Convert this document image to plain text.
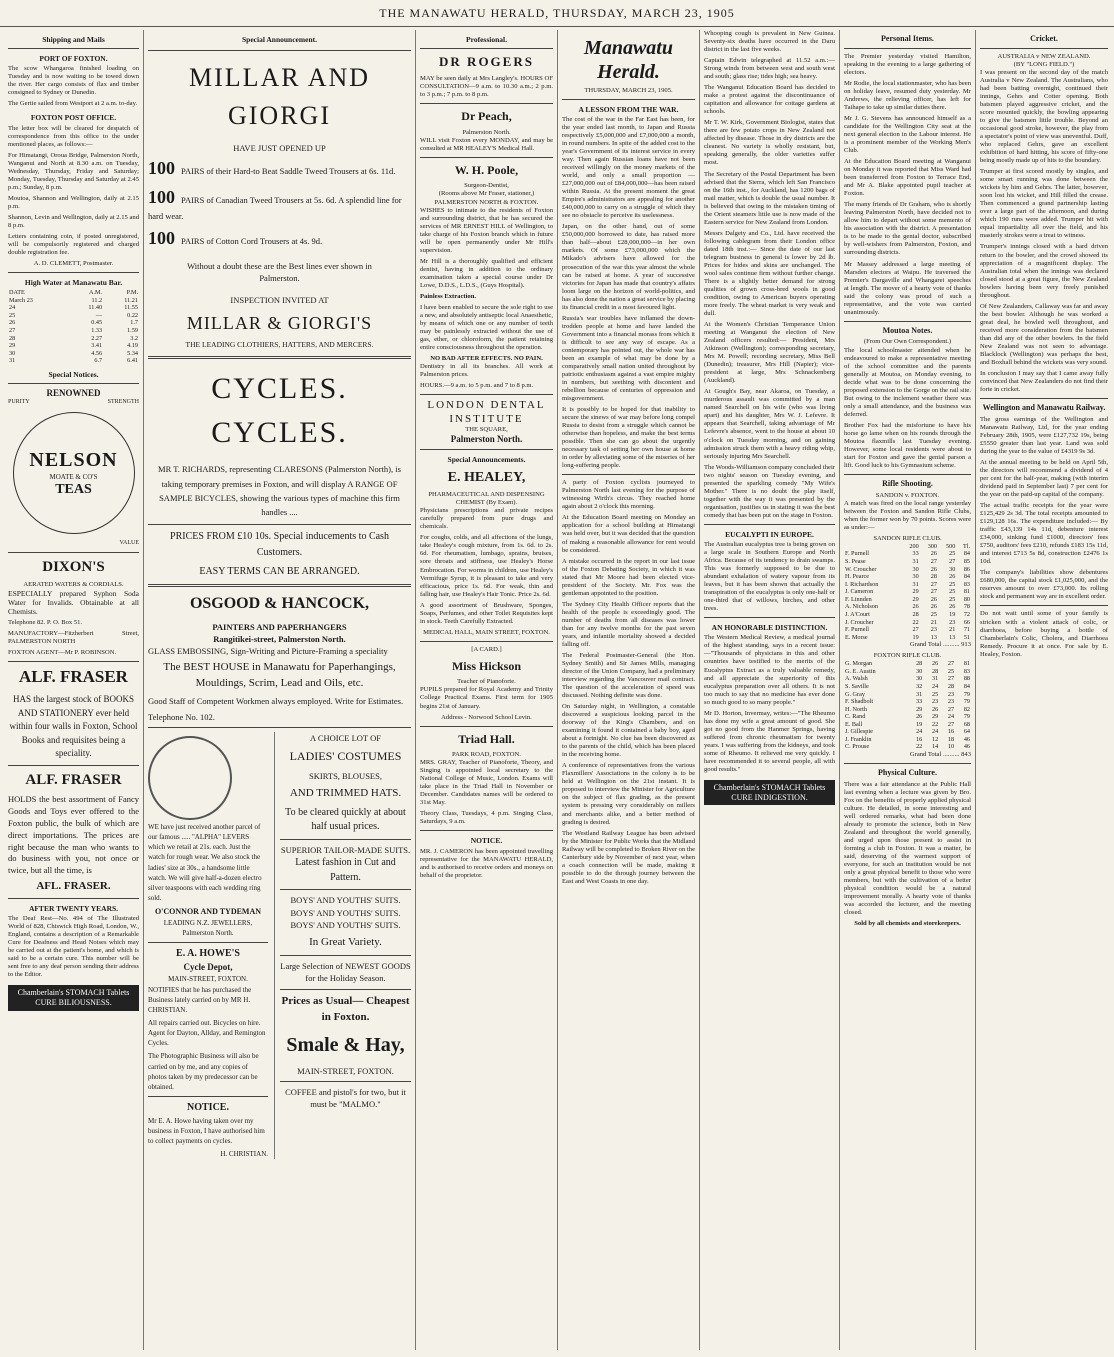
THE MANAWATU HERALD, THURSDAY, MARCH 23, 1905
Shipping and Mails
PORT OF FOXTON.

The scow Whangaroa finished loading on Tuesday and is now waiting to be towed down the river. Her cargo consists of flax and timber consigned to Sydney or Dunedin.

The Gertie sailed from Westport at 2 a.m. to-day.

FOXTON POST OFFICE.

The letter box will be cleared for despatch of correspondence from this office to the under mentioned places, as follows:—

For Himatangi, Oroua Bridge, Palmerston North, Wanganui and North at 8.30 a.m. on Tuesday, Wednesday, Thursday, Friday and Saturday; Monday, Tuesday, Thursday and Saturday at 2.45 p.m.; Sunday, 8 p.m.

Moutoa, Shannon and Wellington, daily at 2.15 p.m.

Shannon, Levin and Wellington, daily at 2.15 and 8 p.m.

Letters containing coin, if posted unregistered, will be compulsorily registered and charged double registration fee.

A. D. CLEMETT, Postmaster.

High Water at Manawatu Bar.
DATE	A.M.	P.M.
March 23	11.2	11.21
24	11.40	11.55
25	—	0.22
26	0.45	1.7
27	1.33	1.59
28	2.27	3.2
29	3.41	4.19
30	4.56	5.34
31	6.7	6.41
Special Notices.
RENOWNED
PURITY	STRENGTH
NELSON
MOATE & CO'S
TEAS
VALUE
DIXON'S
AERATED WATERS & CORDIALS.

ESPECIALLY prepared Syphon Soda Water for Invalids. Obtainable at all Chemists.

Telephone 82. P. O. Box 51.

MANUFACTORY—Fitzherbert Street, PALMERSTON NORTH

FOXTON AGENT—Mr P. ROBINSON.

ALF. FRASER

HAS the largest stock of BOOKS AND STATIONERY ever held within four walls in Foxton, School Books and requisites being a speciality.

ALF. FRASER

HOLDS the best assortment of Fancy Goods and Toys ever offered to the Foxton public, the bulk of which are direct importations. The prices are right because the man who wants to do business with you, not once or twice, but all the time, is

AFL. FRASER.
AFTER TWENTY YEARS.

The Deaf Rest—No. 494 of The Illustrated World of 828, Chiswick High Road, London, W., England, contains a description of a Remarkable Cure for Deafness and Head Noises which may be carried out at the patient's home, and which is said to be a certain cure. This number will be sent free to any deaf person sending their address to the Editor.

Chamberlain's STOMACH Tablets CURE BILIOUSNESS.
Special Announcement.
MILLAR AND GIORGI
HAVE JUST OPENED UP

100 PAIRS of their Hard-to Beat Saddle Tweed Trousers at 6s. 11d.

100 PAIRS of Canadian Tweed Trousers at 5s. 6d. A splendid line for hard wear.

100 PAIRS of Cotton Cord Trousers at 4s. 9d.

Without a doubt these are the Best lines ever shown in Palmerston.

INSPECTION INVITED AT
MILLAR & GIORGI'S
THE LEADING CLOTHIERS, HATTERS, AND MERCERS.
CYCLES. CYCLES.

MR T. RICHARDS, representing CLARESONS (Palmerston North), is taking temporary premises in Foxton, and will display A RANGE OF SAMPLE BICYCLES, showing the various types of machine this firm handles ....

PRICES FROM £10 10s. Special inducements to Cash Customers.

EASY TERMS CAN BE ARRANGED.
OSGOOD & HANCOCK,
PAINTERS AND PAPERHANGERS
Rangitikei-street, Palmerston North.

GLASS EMBOSSING, Sign-Writing and Picture-Framing a speciality

The BEST HOUSE in Manawatu for Paperhangings, Mouldings, Scrim, Lead and Oils, etc.

Good Staff of Competent Workmen always employed. Write for Estimates.

Telephone No. 102.

WE have just received another parcel of our famous ..... "ALPHA" LEVERS which we retail at 21s. each. Just the watch for rough wear. We also stock the ladies' size at 30s., a handsome little watch. We will give half-a-dozen electro silver teaspoons with each wedding ring sold.

O'CONNOR AND TYDEMAN
LEADING N.Z. JEWELLERS, Palmerston North.
E. A. HOWE'S
Cycle Depot,
MAIN-STREET, FOXTON.

NOTIFIES that he has purchased the Business lately carried on by MR H. CHRISTIAN.

All repairs carried out. Bicycles on hire. Agent for Dayton, Allday, and Remington Cycles.

The Photographic Business will also be carried on by me, and any copies of photos taken by my predecessor can be obtained.

NOTICE.

Mr E. A. Howe having taken over my business in Foxton, I have authorised him to collect payments on cycles.

H. CHRISTIAN.
A CHOICE LOT OF
LADIES' COSTUMES
SKIRTS, BLOUSES,
AND TRIMMED HATS.

To be cleared quickly at about half usual prices.

SUPERIOR TAILOR-MADE SUITS.

Latest fashion in Cut and Pattern.

BOYS' AND YOUTHS' SUITS.
BOYS' AND YOUTHS' SUITS.
BOYS' AND YOUTHS' SUITS.
In Great Variety.

Large Selection of NEWEST GOODS for the Holiday Season.

Prices as Usual— Cheapest in Foxton.
Smale & Hay,
MAIN-STREET, FOXTON.

COFFEE and pistol's for two, but it must be "MALMO."

Professional.
DR ROGERS

MAY be seen daily at Mrs Langley's. HOURS OF CONSULTATION—9 a.m. to 10.30 a.m.; 2 p.m. to 3 p.m.; 7 p.m. to 8 p.m.

Dr Peach,
Palmerston North.

WILL visit Foxton every MONDAY, and may be consulted at MR HEALEY'S Medical Hall.

W. H. Poole,
Surgeon-Dentist,
(Rooms above Mr Fraser, stationer,) PALMERSTON NORTH & FOXTON.

WISHES to intimate to the residents of Foxton and surrounding district, that he has secured the services of MR ERNEST HILL of Wellington, to take charge of his Foxton branch which in future will be open permanently under Mr Hill's supervision.

Mr Hill is a thoroughly qualified and efficient dentist, having in addition to the ordinary examination taken a special course under Dr Lowe, D.D.S., L.D.S., (Guys Hospital).

Painless Extraction.

I have been enabled to secure the sole right to use a new, and absolutely antiseptic local Anaesthetic, by means of which one or any number of teeth may be painlessly extracted without the use of gas, ether, or chloroform, the patient retaining entire consciousness throughout the operation.

NO BAD AFTER EFFECTS. NO PAIN.

Dentistry in all its branches. All work at Palmerston prices.

HOURS.—9 a.m. to 5 p.m. and 7 to 8 p.m.

LONDON DENTAL INSTITUTE
THE SQUARE,
Palmerston North.
Special Announcements.
E. HEALEY,
PHARMACEUTICAL AND DISPENSING CHEMIST (By Exam).

Physicians prescriptions and private recipes carefully prepared from pure drugs and chemicals.

For coughs, colds, and all affections of the lungs, take Healey's cough mixture, from 1s. 6d. to 2s. 6d. For rheumatism, lumbago, sprains, bruises, sore throats and stiffness, use Healey's Horse Embrocation. For worms in children, use Healey's Vermifuge Syrup, it is pleasant to take and very efficacious, price 1s. 6d. For weak, thin and falling hair, use Healey's Hair Tonic. Price 2s. 6d.

A good assortment of Brushware, Sponges, Soaps, Perfumes, and other Toilet Requisites kept in stock. Teeth Carefully Extracted.

MEDICAL HALL, MAIN STREET, FOXTON.
[A CARD.]
Miss Hickson
Teacher of Pianoforte.

PUPILS prepared for Royal Academy and Trinity College Practical Exams. First term for 1905 begins 21st of January.

Address - Norwood School Levin.
Triad Hall.
PARK ROAD, FOXTON.

MRS. GRAY, Teacher of Pianoforte, Theory, and Singing is appointed local secretary to the National College of Music, London. Exams will take place in the Triad Hall in November or December. Candidates names will be ordered to 31st May.

Theory Class, Tuesdays, 4 p.m. Singing Class, Saturdays, 9 a.m.

NOTICE.

MR. J. CAMERON has been appointed travelling representative for the MANAWATU HERALD, and is authorised to receive orders and moneys on behalf of the proprietor.

Manawatu Herald.
THURSDAY, MARCH 23, 1905.
A LESSON FROM THE WAR.

The cost of the war in the Far East has been, for the year ended last month, to Japan and Russia respectively £5,000,000 and £7,000,000 a month, in round numbers. In spite of the added cost to the year's Government of its interest service in every way. Then again Russian loans have not been received willingly on the money markets of the world, and only a small proportion — £27,000,000 out of £84,000,000—has been raised within Russia. At the present moment the great Empire's administrators are appealing for another £40,000,000 to carry on a struggle of which they see no obstacle to perceive its uselessness.

Japan, on the other hand, out of some £50,000,000 borrowed to date, has raised more than half—about £28,000,000—in her own markets. Of some £73,000,000 which the Mikado's advisers have allowed for the prosecution of the war this year almost the whole can be raised at home. A year of successive victories for Japan has made that country's affairs loom large on the horizon of world-politics, and has also done the nation a great service by placing its financial credit in a most favoured light.

Russia's war troubles have inflamed the down-trodden people at home and have landed the Government into a financial morass from which it is difficult to see any way of escape. As a contemporary has pointed out, the whole war has been an example of what may be done by a comparatively small nation united throughout by patriotic enthusiasm against a vast empire mighty in numbers, but seething with discontent and rebellion because of centuries of oppression and misgovernment.

It is possibly to be hoped for that inability to secure the sinews of war may before long compel Russia to desist from a struggle which cannot be otherwise than hopeless, and make the best terms possible. Then she can go about the urgently necessary task of setting her own house at home in order by alleviating some of the miseries of her long-suffering people.

A party of Foxton cyclists journeyed to Palmerston North last evening for the purpose of witnessing Wirth's circus. They reached home again about 2 o'clock this morning.

At the Education Board meeting on Monday an application for a school building at Himatangi was held over, but it was decided that the question of making a reasonable allowance for rent would be considered.

A mistake occurred in the report in our last issue of the Foxton Debating Society, in which it was stated that Mr Moore had been elected vice-president of the Society. Mr. Fox was the gentleman appointed to the position.

The Sydney City Health Officer reports that the health of the people is exceedingly good. The number of deaths from all diseases was lower than for any twelve months for the past seven years, and infantile mortality showed a decided falling off.

The Federal Postmaster-General (the Hon. Sydney Smith) and Sir James Mills, managing director of the Union Company, had a preliminary interview regarding the Vancouver mail contract. The question of the acceleration of speed was discussed. Nothing definite was done.

On Saturday night, in Wellington, a constable discovered a suspicious looking parcel in the doorway of the King's Chambers, and on examining it found it contained a baby boy, aged about a fortnight. No clue has been discovered as to the parents of the child, which has been placed in the receiving home.

A conference of representatives from the various Flaxmillers' Associations in the colony is to be held at Wellington on the 21st instant. It is proposed to interview the Minister for Agriculture on the subject of flax grading, as the present system is pressing very considerably on millers and merchants alike, and a better method of grading is desired.

The Westland Railway League has been advised by the Minister for Public Works that the Midland Railway will be completed to Broken River on the Canterbury side by November of next year, when a coach connection will be made, making it possible to do the through journey between the East and West Coasts in one day.

Whooping cough is prevalent in New Guinea. Seventy-six deaths have occurred in the Daru district in the last five weeks.

Captain Edwin telegraphed at 11.52 a.m.:—Strong winds from between west and south west and south; glass rise; tides high; sea heavy.

The Wanganui Education Board has decided to make a protest against the discontinuance of capitation and allowance for cottage gardens at schools.

Mr T. W. Kirk, Government Biologist, states that there are few potato crops in New Zealand not affected by disease. Those in dry districts are the cleanest. No variety is wholly resistant, but, speaking generally, the older varieties suffer most.

The Secretary of the Postal Department has been advised that the Sierra, which left San Francisco on the 16th inst., for Auckland, has 1200 bags of mail matter, which is double the usual number. It is believed that owing to the mistaken timing of the Orient steamers little use is now made of the Eastern service for New Zealand from London.

Messrs Dalgety and Co., Ltd. have received the following cablegram from their London office dated 18th inst.:— Since the date of our last telegram business in general is lower by 2d lb. Prices for hides and skins are unchanged. The wool sales continue firm without further change. There is a slightly better demand for strong qualities of grown cross-bred wools in good condition, owing to American buyers operating more freely. The wheat market is very weak and dull.

At the Women's Christian Temperance Union meeting at Wanganui the election of New Zealand officers resulted:— President, Mrs Atkinson (Wellington); corresponding secretary, Mrs M. Powell; recording secretary, Miss Bell (Dunedin); treasurer, Mrs Hill (Napier); vice-president at large, Mrs Schnackenberg (Auckland).

At Gough's Bay, near Akaroa, on Tuesday, a murderous assault was committed by a man named Searchell on his wife (who was living apart) and his daughter, Mrs W. J. Lefevre. It appears that Searchell, taking advantage of Mr Lefevre's absence, went to the house at about 10 o'clock on Tuesday morning, and on gaining admission struck them with a heavy riding whip, seriously injuring Mrs Searchell.

The Woods-Williamson company concluded their two nights' season on Tuesday evening, and presented the sparkling comedy "My Wife's Mother." There is no doubt the play itself, together with the way it was presented by the organisation, justifies us in stating it was the best comedy that has been put on the stage in Foxton.

EUCALYPTI IN EUROPE.

The Australian eucalyptus tree is being grown on a large scale in Southern Europe and North Africa. Because of its tendency to drain swamps. This was formerly supposed to be due to abundant exhalation of watery vapour from its leaves, but it has been shown that actually the transpiration of the eucalyptus is only one-half or one-third that of willows, birches, and other trees.

AN HONORABLE DISTINCTION.

The Western Medical Review, a medical journal of the highest standing, says in a recent issue:—"Thousands of physicians in this and other countries have testified to the merits of the Eucalyptus Extract as a truly valuable remedy, and all appreciate the superiority of this eucalyptus preparation over all others. It is not too much to say that no medicine has ever done so much good to so many people."

Mr D. Horton, Invermay, writes:—"The Rheumo has done my wife a great amount of good. She got no good from the Hanmer Springs, having suffered from chronic rheumatism for twenty years. I was suffering from the kidneys, and took some of Rheumo. It relieved me very quickly. I have recommended it to several people, all with good results."

Chamberlain's STOMACH Tablets CURE INDIGESTION.
Personal Items.

The Premier yesterday visited Hamilton, speaking in the evening to a large gathering of electors.

Mr Rodie, the local stationmaster, who has been on holiday leave, resumed duty yesterday. Mr Andrews, the relieving officer, has left for Taihape to take up similar duties there.

Mr J. G. Stevens has announced himself as a candidate for the Wellington City seat at the next general election in the Labour interest. He is a prominent member of the Working Men's Club.

At the Education Board meeting at Wanganui on Monday it was reported that Miss Ward had been transferred from Foxton to Terrace End, and Mr A. Blake appointed pupil teacher at Foxton.

The many friends of Dr Graham, who is shortly leaving Palmerston North, have decided not to allow him to depart without some memento of his association with the district. A presentation is to be made to the genial doctor, subscribed by well-wishers from Palmerston, Foxton, and surrounding districts.

Mr Massey addressed a large meeting of Marsden electors at Waipu. He traversed the Premier's Dargaville and Whangarei speeches at length. The mover of a hearty vote of thanks said the colony was proud of such a representative, and the vote was carried unanimously.

Moutoa Notes.
(From Our Own Correspondent.)

The local schoolmaster attended when he endeavoured to make a representative meeting of the school committee and the parents generally at Moutoa, on Monday evening, to decide what was to be done concerning the proposed extension to the Gorge on the rail site. But owing to the inclement weather there was only a small attendance, and the business was deferred.

Brother Fox had the misfortune to have his horse go lame when on his rounds through the Moutoa flaxmills last Tuesday evening. However, some local residents were about to start for Foxton and gave the genial parson a lift. Good luck to his Gymnasium scheme.

Rifle Shooting.
SANDON v. FOXTON.

A match was fired on the local range yesterday between the Foxton and Sandon Rifle Clubs, when the former won by 70 points. Scores were as under:—

SANDON RIFLE CLUB.
	200	300	500	Tl.
F. Purnell	33	26	25	84
S. Pease	31	27	27	85
W. Croucher	30	26	30	86
H. Pearce	30	28	26	84
I. Richardson	31	27	25	83
J. Cameron	29	27	25	81
F. Linnden	29	26	25	80
A. Nicholson	26	26	26	78
J. A'Court	28	25	19	72
J. Croucher	22	21	23	66
F. Purnell	27	23	21	71
E. Morse	19	13	13	51

Grand Total .......... 913

FOXTON RIFLE CLUB.
G. Morgan	28	26	27	81
G. E. Austin	30	28	25	83
A. Walsh	30	31	27	88
S. Saville	32	24	28	84
G. Gray	31	25	23	79
F. Shadbolt	33	23	23	79
H. North	29	26	27	82
C. Rand	26	29	24	79
E. Ball	19	22	27	68
J. Gillespie	24	24	16	64
J. Franklin	16	12	18	46
C. Prouse	22	14	10	46

Grand Total .......... 843

Physical Culture.

There was a fair attendance at the Public Hall last evening when a lecture was given by Bro. Fox on the benefits of properly applied physical culture. He detailed, in some interesting and well ordered remarks, what had been done already to promote the science, both in New Zealand and throughout the world generally, and urged upon those present to assist in forming a club in Foxton. It was a matter, he said, deserving of the warmest support of everyone, for such an institution would be not only a great physical benefit to those who were members, but with the cultivation of a better physical condition would be a natural improvement morally. A hearty vote of thanks was accorded the lecturer, and the meeting closed.

Sold by all chemists and storekeepers.

Cricket.
AUSTRALIA v NEW ZEALAND.
(BY "LONG FIELD.")

I was present on the second day of the match Australia v New Zealand. The Australians, who had been batting overnight, continued their innings, Gehrs and Cotter opening. Both batsmen played aggressive cricket, and the score mounted quickly, the bowling appearing to give the batsmen little trouble. Beyond an occasional good stroke, however, the play from a spectator's point of view was uneventful. Duff, who replaced Gehrs, gave an excellent exhibition of hard hitting, his score of fifty-one being mostly made up of hits to the boundary.

Trumper at first scored mostly by singles, and some smart running was done between the wickets by him and Gehrs. The latter, however, soon lost his wicket, and Hill filled the crease. Then commenced a grand partnership lasting over a large part of the afternoon, and during which 190 runs were added. Trumper hit with equal impartiality all over the field, and his masterly strokes were a treat to witness.

Trumper's innings closed with a hard driven return to the bowler, and the crowd showed its appreciation of a magnificent display. The Australian total when the innings was declared closed stood at a great figure, the New Zealand bowlers having been very freely punished throughout.

Of New Zealanders, Callaway was far and away the best bowler. Although he was worked a great deal, he bowled well throughout, and received more consideration from the batsmen than did any of the other bowlers. In the field New Zealand was not seen to advantage. Blacklock (Wellington) was perhaps the best, and Boxhall behind the wickets was very sound.

In conclusion I may say that I came away fully convinced that New Zealanders do not find their forte in cricket.

Wellington and Manawatu Railway.

The gross earnings of the Wellington and Manawatu Railway, Ltd, for the year ending February 28th, 1905, were £127,732 19s, being £5550 greater than last year. Land was sold during the year to the value of £4319 9s 3d.

At the annual meeting to be held on April 5th, the directors will recommend a dividend of 4 per cent for the half-year, making (with interim dividend paid in September last) 7 per cent for the year on the paid-up capital of the company.

The actual traffic receipts for the year were £125,429 2s 3d. The total receipts amounted to £129,128 16s. The expenditure included:— By traffic £43,139 14s 11d, debenture interest £34,000, sinking fund £1000, directors' fees £750, auditors' fees £210, refunds £183 15s 11d, and interest £713 5s 8d, construction £2476 1s 10d.

The company's liabilities show debentures £680,000, the capital stock £1,025,000, and the reserves amount to over £73,000. Its rolling stock and permanent way are in excellent order.

Do not wait until some of your family is stricken with a violent attack of colic, or diarrhoea, before buying a bottle of Chamberlain's Colic, Cholera, and Diarrhoea Remedy. Procure it at once. For sale by E. Healey, Foxton.
